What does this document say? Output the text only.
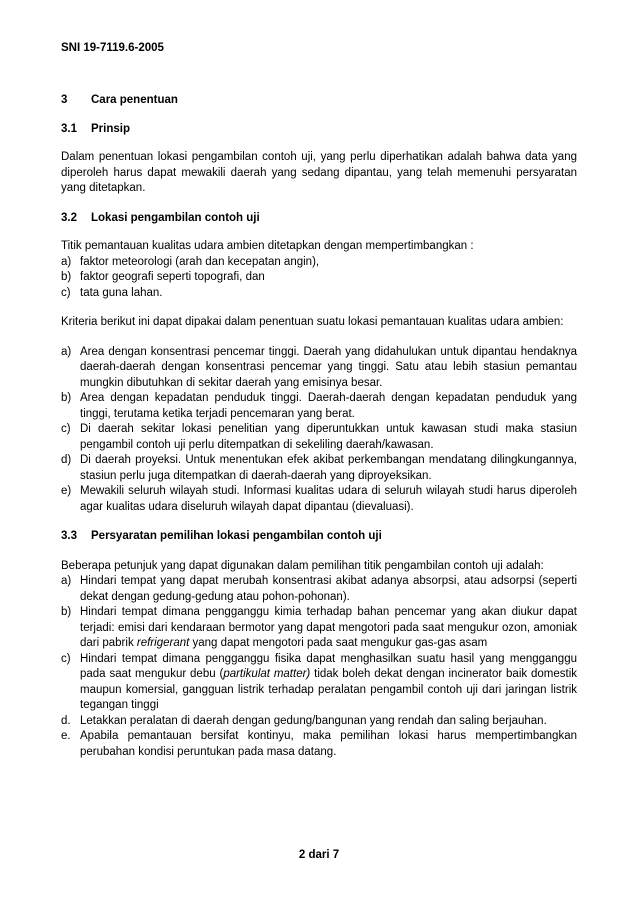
SNI 19-7119.6-2005
3	Cara penentuan
3.1	Prinsip
Dalam penentuan lokasi pengambilan contoh uji, yang perlu diperhatikan adalah bahwa data yang diperoleh harus dapat mewakili daerah yang sedang dipantau, yang telah memenuhi persyaratan yang ditetapkan.
3.2	Lokasi pengambilan contoh uji
Titik pemantauan kualitas udara ambien ditetapkan dengan mempertimbangkan :
a) faktor meteorologi (arah dan kecepatan angin),
b) faktor geografi seperti topografi, dan
c) tata guna lahan.
Kriteria berikut ini dapat dipakai dalam penentuan suatu lokasi pemantauan kualitas udara ambien:
a) Area dengan konsentrasi pencemar tinggi. Daerah yang didahulukan untuk dipantau hendaknya daerah-daerah dengan konsentrasi pencemar yang tinggi. Satu atau lebih stasiun pemantau mungkin dibutuhkan di sekitar daerah yang emisinya besar.
b) Area dengan kepadatan penduduk tinggi. Daerah-daerah dengan kepadatan penduduk yang tinggi, terutama ketika terjadi pencemaran yang berat.
c) Di daerah sekitar lokasi penelitian yang diperuntukkan untuk kawasan studi maka stasiun pengambil contoh uji perlu ditempatkan di sekeliling daerah/kawasan.
d) Di daerah proyeksi. Untuk menentukan efek akibat perkembangan mendatang dilingkungannya, stasiun perlu juga ditempatkan di daerah-daerah yang diproyeksikan.
e) Mewakili seluruh wilayah studi. Informasi kualitas udara di seluruh wilayah studi harus diperoleh agar kualitas udara diseluruh wilayah dapat dipantau (dievaluasi).
3.3	Persyaratan pemilihan lokasi pengambilan contoh uji
Beberapa petunjuk yang dapat digunakan dalam pemilihan titik pengambilan contoh uji adalah:
a) Hindari tempat yang dapat merubah konsentrasi akibat adanya absorpsi, atau adsorpsi (seperti dekat dengan gedung-gedung atau pohon-pohonan).
b) Hindari tempat dimana pengganggu kimia terhadap bahan pencemar yang akan diukur dapat terjadi: emisi dari kendaraan bermotor yang dapat mengotori pada saat mengukur ozon, amoniak dari pabrik refrigerant yang dapat mengotori pada saat mengukur gas-gas asam
c) Hindari tempat dimana pengganggu fisika dapat menghasilkan suatu hasil yang mengganggu pada saat mengukur debu (partikulat matter) tidak boleh dekat dengan incinerator baik domestik maupun komersial, gangguan listrik terhadap peralatan pengambil contoh uji dari jaringan listrik tegangan tinggi
d. Letakkan peralatan di daerah dengan gedung/bangunan yang rendah dan saling berjauhan.
e. Apabila pemantauan bersifat kontinyu, maka pemilihan lokasi harus mempertimbangkan perubahan kondisi peruntukan pada masa datang.
2 dari 7
